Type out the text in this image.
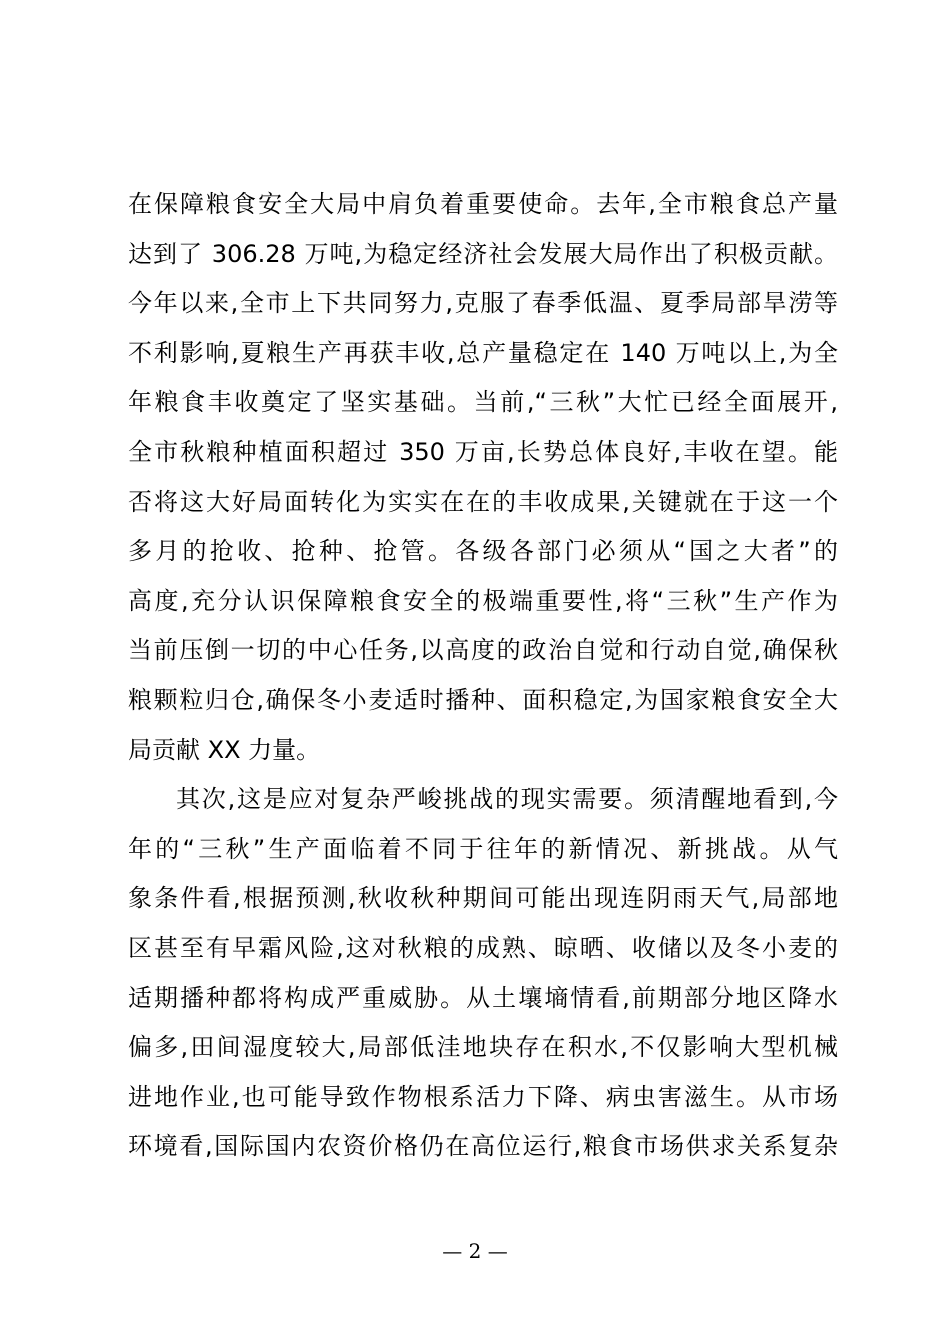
在保障粮食安全大局中肩负着重要使命。去年,全市粮食总产量
达到了 306.28 万吨,为稳定经济社会发展大局作出了积极贡献。
今年以来,全市上下共同努力,克服了春季低温、夏季局部旱涝等
不利影响,夏粮生产再获丰收,总产量稳定在 140 万吨以上,为全
年粮食丰收奠定了坚实基础。当前,“三秋”大忙已经全面展开,
全市秋粮种植面积超过 350 万亩,长势总体良好,丰收在望。能
否将这大好局面转化为实实在在的丰收成果,关键就在于这一个
多月的抢收、抢种、抢管。各级各部门必须从“国之大者”的
高度,充分认识保障粮食安全的极端重要性,将“三秋”生产作为
当前压倒一切的中心任务,以高度的政治自觉和行动自觉,确保秋
粮颗粒归仓,确保冬小麦适时播种、面积稳定,为国家粮食安全大
局贡献 XX 力量。
其次,这是应对复杂严峻挑战的现实需要。须清醒地看到,今
年的“三秋”生产面临着不同于往年的新情况、新挑战。从气
象条件看,根据预测,秋收秋种期间可能出现连阴雨天气,局部地
区甚至有早霜风险,这对秋粮的成熟、晾晒、收储以及冬小麦的
适期播种都将构成严重威胁。从土壤墒情看,前期部分地区降水
偏多,田间湿度较大,局部低洼地块存在积水,不仅影响大型机械
进地作业,也可能导致作物根系活力下降、病虫害滋生。从市场
环境看,国际国内农资价格仍在高位运行,粮食市场供求关系复杂
— 2 —
